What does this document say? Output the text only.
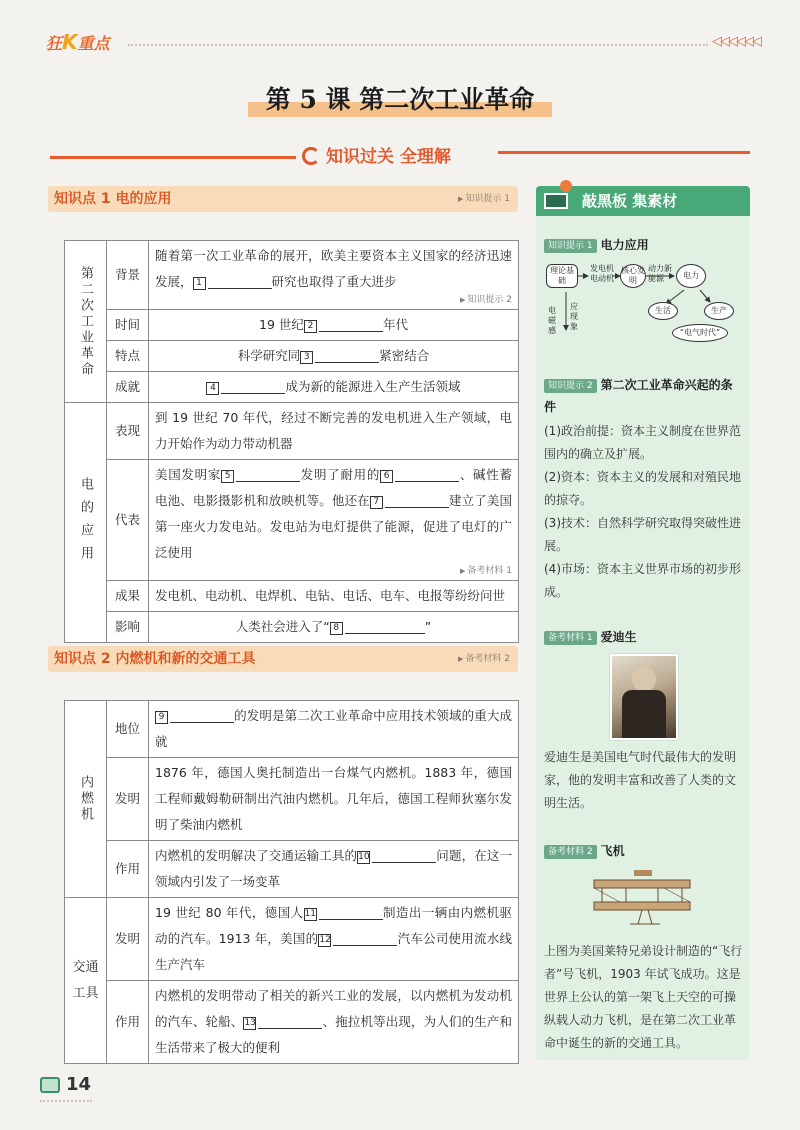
狂K重点	◁◁◁◁◁◁
第 5 课 第二次工业革命
知识过关 全理解
知识点 1 电的应用	▶ 知识提示 1
第二次工业革命	背景	随着第一次工业革命的展开，欧美主要资本主义国家的经济迅速发展， 1 研究也取得了重大进步
▶ 知识提示 2

	时间	19 世纪 2 年代
	特点	科学研究同 3 紧密结合
	成就	4 成为新的能源进入生产生活领域

电的应用	表现	到 19 世纪 70 年代，经过不断完善的发电机进入生产领域，电力开始作为动力带动机器
	代表	美国发明家 5 发明了耐用的 6 、碱性蓄电池、电影摄影机和放映机等。他还在 7 建立了美国第一座火力发电站。发电站为电灯提供了能源，促进了电灯的广泛使用
▶ 备考材料 1

	成果	发电机、电动机、电焊机、电钻、电话、电车、电报等纷纷问世
	影响	人类社会进入了“ 8 ”
知识点 2 内燃机和新的交通工具	▶ 备考材料 2
内燃机	地位	9 的发明是第二次工业革命中应用技术领域的重大成就
	发明	1876 年，德国人奥托制造出一台煤气内燃机。1883 年，德国工程师戴姆勒研制出汽油内燃机。几年后，德国工程师狄塞尔发明了柴油内燃机
	作用	内燃机的发明解决了交通运输工具的10 问题，在这一领域内引发了一场变革

交通工具	发明	19 世纪 80 年代，德国人11 制造出一辆由内燃机驱动的汽车。1913 年，美国的12 汽车公司使用流水线生产汽车
	作用	内燃机的发明带动了相关的新兴工业的发展，以内燃机为发动机的汽车、轮船、13 、拖拉机等出现，为人们的生产和生活带来了极大的便利
敲黑板 集素材
知识提示 1 电力应用
理论基础
发电机电动机
核心发明
动力新能源	电力
生活	生产
“电气时代”
电磁感
应现象
知识提示 2 第二次工业革命兴起的条件
(1)政治前提：资本主义制度在世界范围内的确立及扩展。
(2)资本：资本主义的发展和对殖民地的掠夺。
(3)技术：自然科学研究取得突破性进展。
(4)市场：资本主义世界市场的初步形成。
备考材料 1 爱迪生
爱迪生是美国电气时代最伟大的发明家，他的发明丰富和改善了人类的文明生活。
备考材料 2 飞机
上图为美国莱特兄弟设计制造的“飞行者”号飞机，1903 年试飞成功。这是世界上公认的第一架飞上天空的可操纵载人动力飞机，是在第二次工业革命中诞生的新的交通工具。
14
